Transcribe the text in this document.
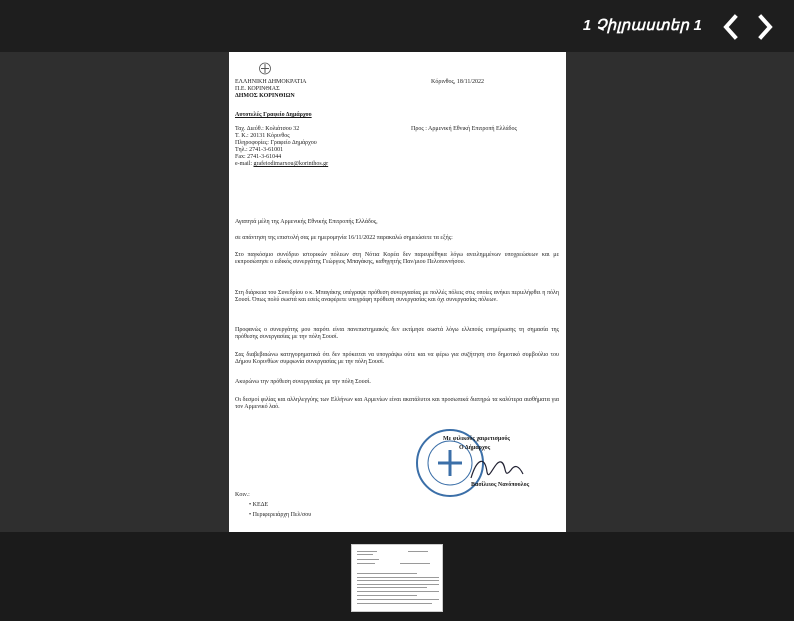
1 Չիլրաստեր 1
ΕΛΛΗΝΙΚΗ ΔΗΜΟΚΡΑΤΙΑ
Π.Ε. ΚΟΡΙΝΘΙΑΣ
ΔΗΜΟΣ ΚΟΡΙΝΘΙΩΝ
Κόρινθος, 18/11/2022
Αυτοτελές Γραφείο Δημάρχου
Ταχ. Διεύθ.: Κολιάτσου 32
Τ. Κ.: 20131 Κόρινθος
Πληροφορίες: Γραφείο Δημάρχου
Τηλ.: 2741-3-61001
Fax: 2741-3-61044
e-mail: grafeiodimarxou@korinthos.gr
Προς : Αρμενική Εθνική Επιτροπή Ελλάδος
Αγαπητά μέλη της Αρμενικής Εθνικής Επιτροπής Ελλάδος,
σε απάντηση της επιστολή σας με ημερομηνία 16/11/2022 παρακαλώ σημειώσετε τα εξής:
Στο παγκόσμιο συνέδριο ιστορικών πόλεων στη Νότια Κορέα δεν παρευρέθηκα λόγω ανειλημμένων υποχρεώσεων και με εκπροσώπησε ο ειδικός συνεργάτης Γεώργιος Μπαγάκης, καθηγητής Παν/μιου Πελοποννήσου.
Στη διάρκεια του Συνεδρίου ο κ. Μπαγάκης υπέγραψε πρόθεση συνεργασίας με πολλές πόλεις στις οποίες ανήκει περιελήφθει η πόλη Σουσί. Όπως πολύ σωστά και εσείς αναφέρετε υπεγράφη πρόθεση συνεργασίας και όχι συνεργασίας πόλεων.
Προφανώς ο συνεργάτης μου παρότι είναι πανεπιστημιακός δεν εκτίμησε σωστά λόγω ελλιπούς ενημέρωσης τη σημασία της πρόθεσης συνεργασίας με την πόλη Σουσί.
Σας διαβεβαιώνω κατηγορηματικά ότι δεν πρόκειται να υπογράψω ούτε και να φέρω για συζήτηση στο δημοτικό συμβούλιο του Δήμου Κορινθίων συμφωνία συνεργασίας με την πόλη Σουσί.
Ακυρώνω την πρόθεση συνεργασίας με την πόλη Σουσί.
Οι δεσμοί φιλίας και αλληλεγγύης των Ελλήνων και Αρμενίων είναι ακατάλυτοι και προσωπικά διατηρώ τα καλύτερα αισθήματα για τον Αρμενικό λαό.
Με φιλικούς χαιρετισμούς
Ο Δήμαρχος
Βασίλειος Νανόπουλος
Κοιν.:
• ΚΕΔΕ
• Περιφερειάρχη Πελ/σου
